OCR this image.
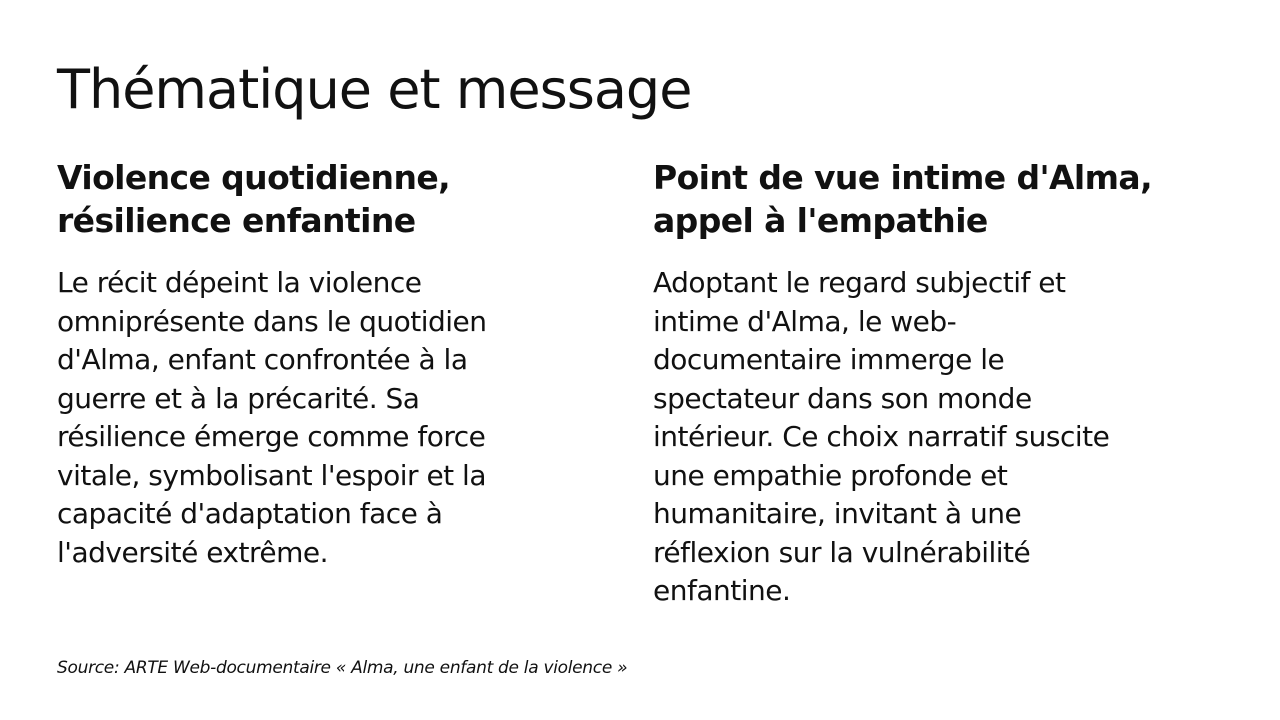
Thématique et message
Violence quotidienne,
résilience enfantine

Le récit dépeint la violence
omniprésente dans le quotidien
d'Alma, enfant confrontée à la
guerre et à la précarité. Sa
résilience émerge comme force
vitale, symbolisant l'espoir et la
capacité d'adaptation face à
l'adversité extrême.

Point de vue intime d'Alma,
appel à l'empathie

Adoptant le regard subjectif et
intime d'Alma, le web-
documentaire immerge le
spectateur dans son monde
intérieur. Ce choix narratif suscite
une empathie profonde et
humanitaire, invitant à une
réflexion sur la vulnérabilité
enfantine.

Source: ARTE Web-documentaire « Alma, une enfant de la violence »
